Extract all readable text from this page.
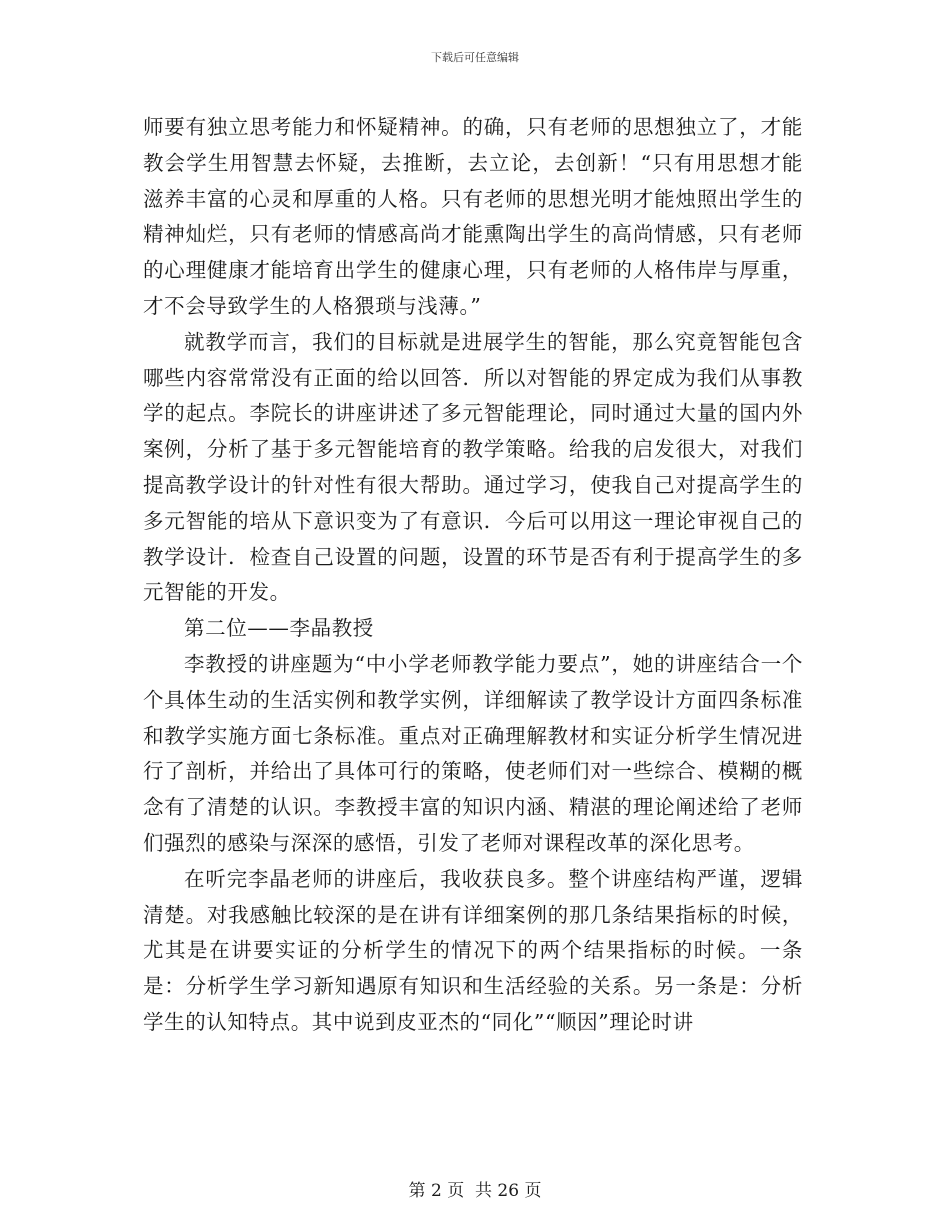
下载后可任意编辑

师要有独立思考能力和怀疑精神。的确，只有老师的思想独立了，才能教会学生用智慧去怀疑，去推断，去立论，去创新！“只有用思想才能滋养丰富的心灵和厚重的人格。只有老师的思想光明才能烛照出学生的精神灿烂，只有老师的情感高尚才能熏陶出学生的高尚情感，只有老师的心理健康才能培育出学生的健康心理，只有老师的人格伟岸与厚重，才不会导致学生的人格猥琐与浅薄。”

就教学而言，我们的目标就是进展学生的智能，那么究竟智能包含哪些内容常常没有正面的给以回答．所以对智能的界定成为我们从事教学的起点。李院长的讲座讲述了多元智能理论，同时通过大量的国内外案例，分析了基于多元智能培育的教学策略。给我的启发很大，对我们提高教学设计的针对性有很大帮助。通过学习，使我自己对提高学生的多元智能的培从下意识变为了有意识．今后可以用这一理论审视自己的教学设计．检查自己设置的问题，设置的环节是否有利于提高学生的多元智能的开发。

第二位——李晶教授

李教授的讲座题为“中小学老师教学能力要点”，她的讲座结合一个个具体生动的生活实例和教学实例，详细解读了教学设计方面四条标准和教学实施方面七条标准。重点对正确理解教材和实证分析学生情况进行了剖析，并给出了具体可行的策略，使老师们对一些综合、模糊的概念有了清楚的认识。李教授丰富的知识内涵、精湛的理论阐述给了老师们强烈的感染与深深的感悟，引发了老师对课程改革的深化思考。

在听完李晶老师的讲座后，我收获良多。整个讲座结构严谨，逻辑清楚。对我感触比较深的是在讲有详细案例的那几条结果指标的时候，尤其是在讲要实证的分析学生的情况下的两个结果指标的时候。一条是：分析学生学习新知遇原有知识和生活经验的关系。另一条是：分析学生的认知特点。其中说到皮亚杰的“同化”“顺因”理论时讲

第 2 页  共 26 页
